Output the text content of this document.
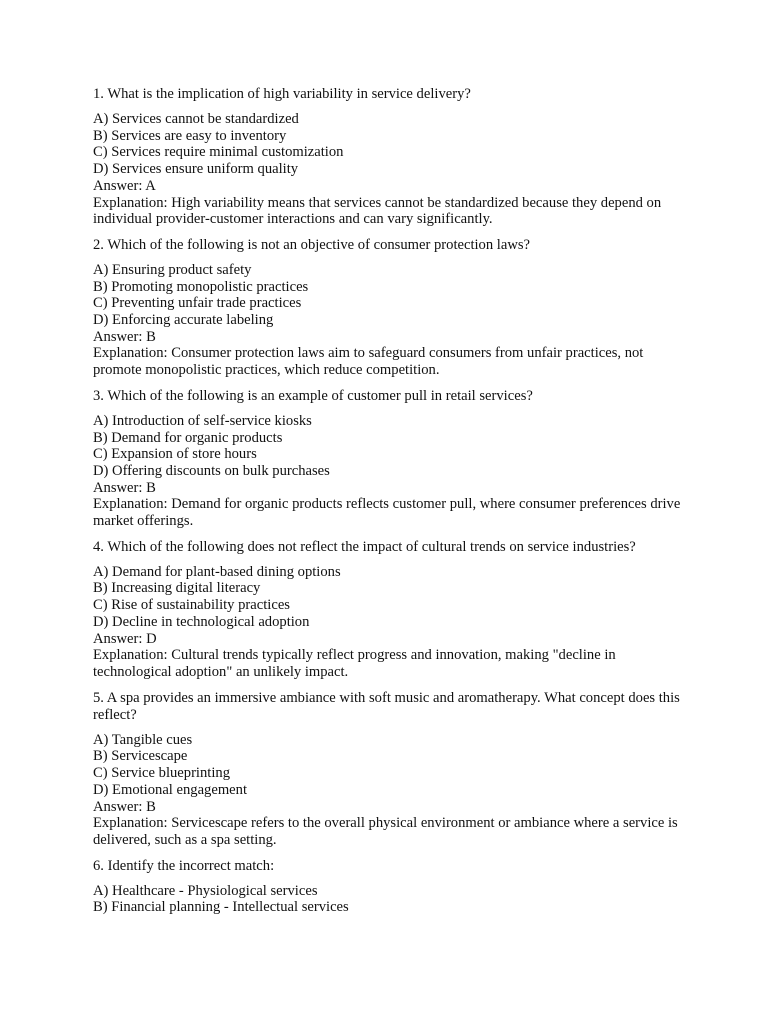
1. What is the implication of high variability in service delivery?

A) Services cannot be standardized

B) Services are easy to inventory

C) Services require minimal customization

D) Services ensure uniform quality

Answer: A

Explanation: High variability means that services cannot be standardized because they depend on individual provider-customer interactions and can vary significantly.

2. Which of the following is not an objective of consumer protection laws?

A) Ensuring product safety

B) Promoting monopolistic practices

C) Preventing unfair trade practices

D) Enforcing accurate labeling

Answer: B

Explanation: Consumer protection laws aim to safeguard consumers from unfair practices, not promote monopolistic practices, which reduce competition.

3. Which of the following is an example of customer pull in retail services?

A) Introduction of self-service kiosks

B) Demand for organic products

C) Expansion of store hours

D) Offering discounts on bulk purchases

Answer: B

Explanation: Demand for organic products reflects customer pull, where consumer preferences drive market offerings.

4. Which of the following does not reflect the impact of cultural trends on service industries?

A) Demand for plant-based dining options

B) Increasing digital literacy

C) Rise of sustainability practices

D) Decline in technological adoption

Answer: D

Explanation: Cultural trends typically reflect progress and innovation, making "decline in technological adoption" an unlikely impact.

5. A spa provides an immersive ambiance with soft music and aromatherapy. What concept does this reflect?

A) Tangible cues

B) Servicescape

C) Service blueprinting

D) Emotional engagement

Answer: B

Explanation: Servicescape refers to the overall physical environment or ambiance where a service is delivered, such as a spa setting.

6. Identify the incorrect match:

A) Healthcare - Physiological services

B) Financial planning - Intellectual services
